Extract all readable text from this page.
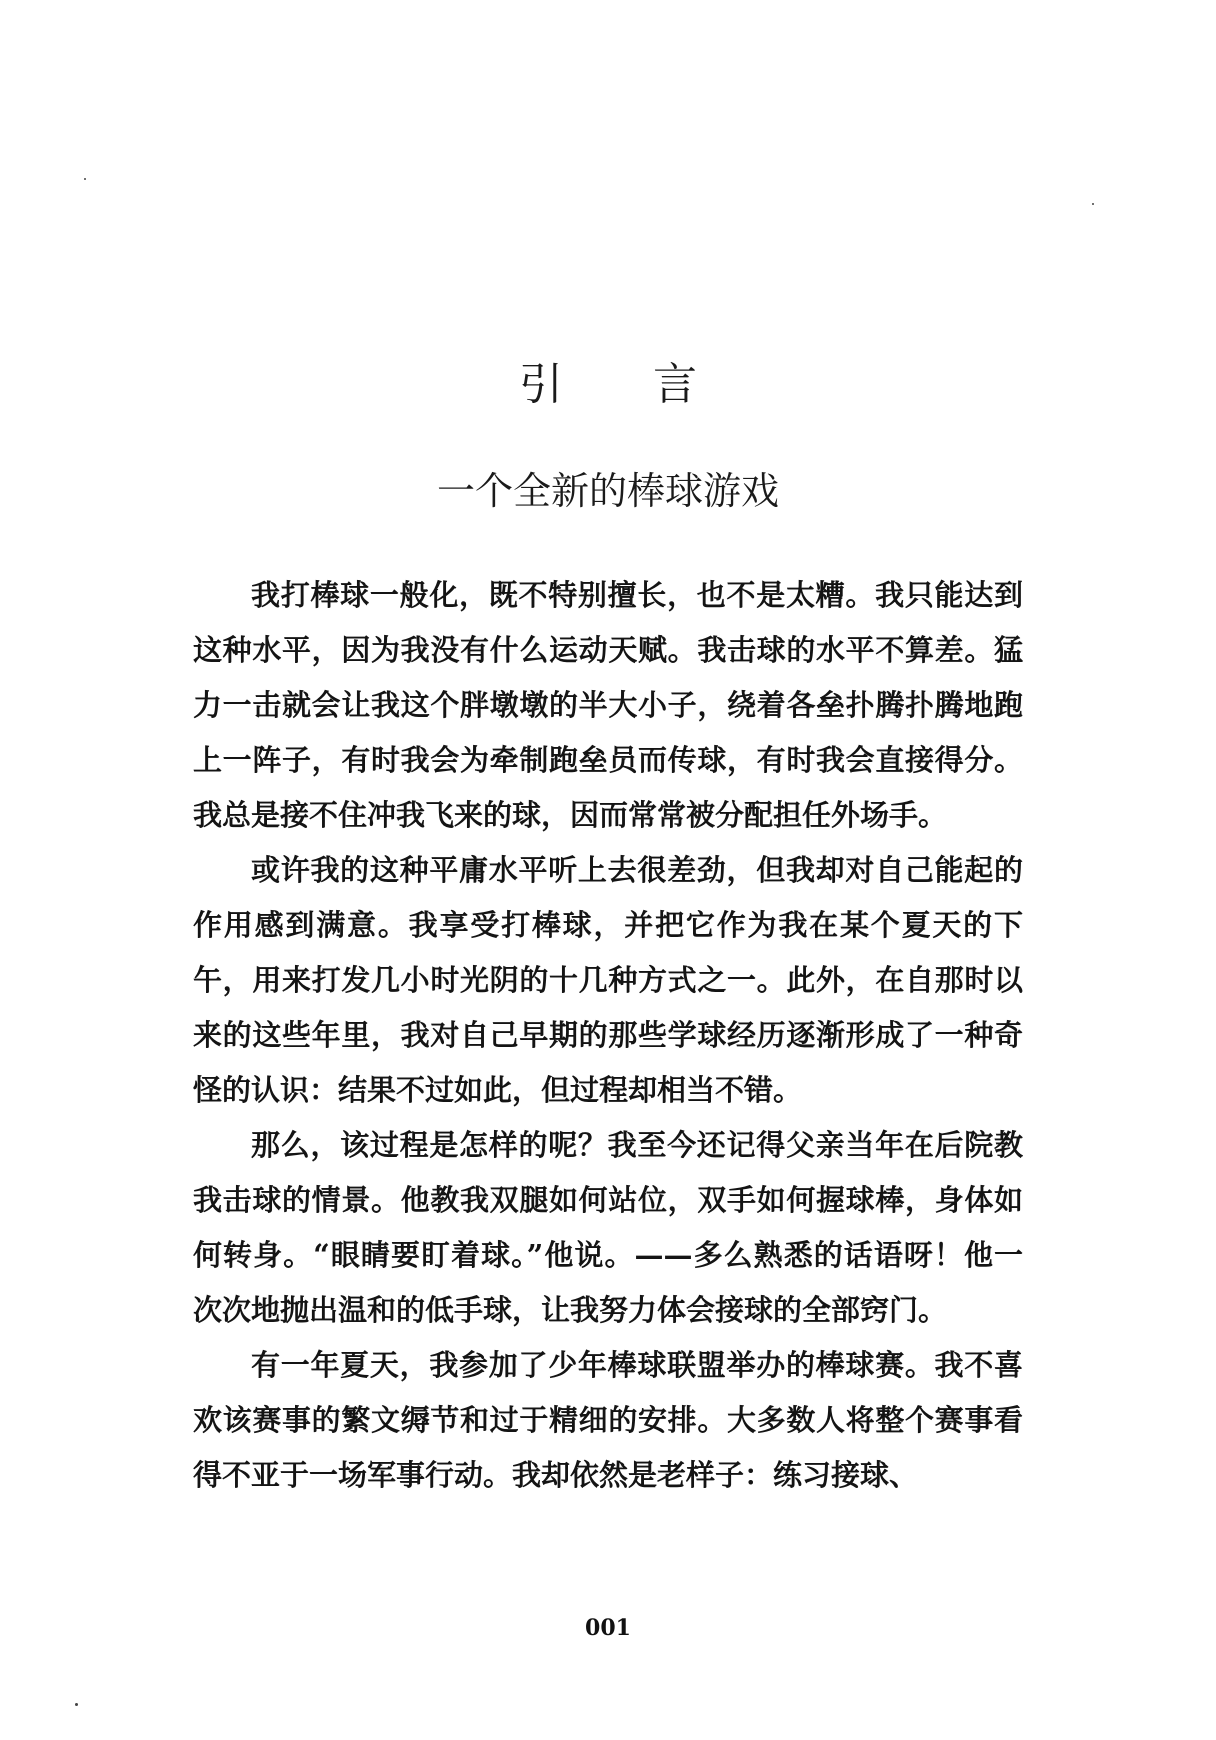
引 言
一个全新的棒球游戏

我打棒球一般化，既不特别擅长，也不是太糟。我只能达到这种水平，因为我没有什么运动天赋。我击球的水平不算差。猛力一击就会让我这个胖墩墩的半大小子，绕着各垒扑腾扑腾地跑上一阵子，有时我会为牵制跑垒员而传球，有时我会直接得分。我总是接不住冲我飞来的球，因而常常被分配担任外场手。

或许我的这种平庸水平听上去很差劲，但我却对自己能起的作用感到满意。我享受打棒球，并把它作为我在某个夏天的下午，用来打发几小时光阴的十几种方式之一。此外，在自那时以来的这些年里，我对自己早期的那些学球经历逐渐形成了一种奇怪的认识：结果不过如此，但过程却相当不错。

那么，该过程是怎样的呢？我至今还记得父亲当年在后院教我击球的情景。他教我双腿如何站位，双手如何握球棒，身体如何转身。“眼睛要盯着球。”他说。——多么熟悉的话语呀！他一次次地抛出温和的低手球，让我努力体会接球的全部窍门。

有一年夏天，我参加了少年棒球联盟举办的棒球赛。我不喜欢该赛事的繁文缛节和过于精细的安排。大多数人将整个赛事看得不亚于一场军事行动。我却依然是老样子：练习接球、

001
